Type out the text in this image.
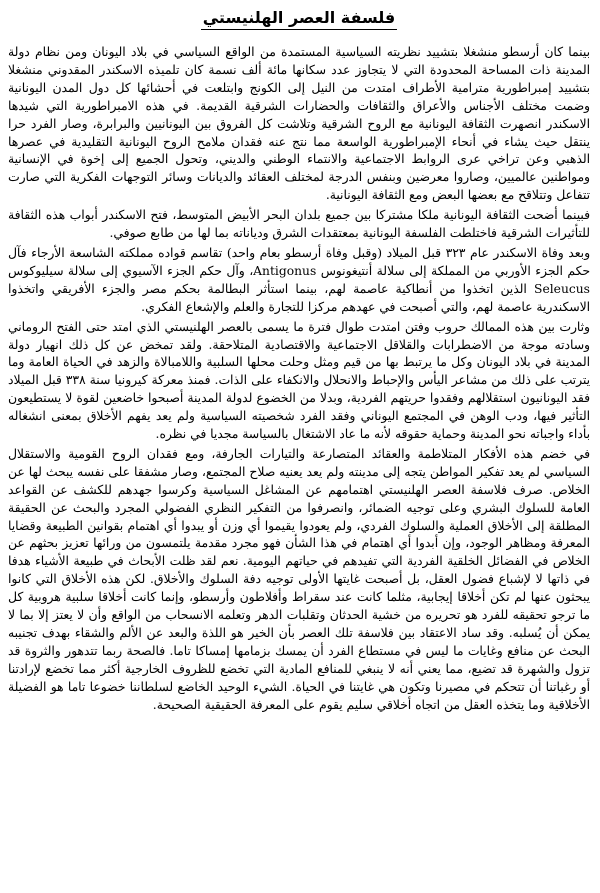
فلسفة العصر الهلنيستي

بينما كان أرسطو منشغلا بتشييد نظريته السياسية المستمدة من الواقع السياسي في بلاد اليونان ومن نظام دولة المدينة ذات المساحة المحدودة التي لا يتجاوز عدد سكانها مائة ألف نسمة كان تلميذه الاسكندر المقدوني منشغلا بتشييد إمبراطورية مترامية الأطراف امتدت من النيل إلى الكونج وابتلعت في أحشائها كل دول المدن اليونانية وضمت مختلف الأجناس والأعراق والثقافات والحضارات الشرقية القديمة. في هذه الامبراطورية التي شيدها الاسكندر انصهرت الثقافة اليونانية مع الروح الشرقية وتلاشت كل الفروق بين اليونانيين والبرابرة، وصار الفرد حرا ينتقل حيث يشاء في أنحاء الإمبراطورية الواسعة مما نتج عنه فقدان ملامح الروح اليونانية التقليدية في عصرها الذهبي وعن تراخي عرى الروابط الاجتماعية والانتماء الوطني والديني، وتحول الجميع إلى إخوة في الإنسانية ومواطنين عالميين، وصاروا معرضين وبنفس الدرجة لمختلف العقائد والديانات وسائر التوجهات الفكرية التي صارت تتفاعل وتتلاقح مع بعضها البعض ومع الثقافة اليونانية.

فبينما أضحت الثقافة اليونانية ملكا مشتركا بين جميع بلدان البحر الأبيض المتوسط، فتح الاسكندر أبواب هذه الثقافة للتأثيرات الشرقية فاختلطت الفلسفة اليونانية بمعتقدات الشرق ودياناته بما لها من طابع صوفي.

وبعد وفاة الاسكندر عام ٣٢٣ قبل الميلاد (وقبل وفاة أرسطو بعام واحد) تقاسم قواده مملكته الشاسعة الأرجاء فآل حكم الجزء الأوربي من المملكة إلى سلالة أنتيغونوس Antigonus، وآل حكم الجزء الآسيوي إلى سلالة سيليوكوس Seleucus الذين اتخذوا من أنطاكية عاصمة لهم، بينما استأثر البطالمة بحكم مصر والجزء الأفريقي واتخذوا الاسكندرية عاصمة لهم، والتي أصبحت في عهدهم مركزا للتجارة والعلم والإشعاع الفكري.

وثارت بين هذه الممالك حروب وفتن امتدت طوال فترة ما يسمى بالعصر الهلنيستي الذي امتد حتى الفتح الروماني وسادته موجة من الاضطرابات والقلاقل الاجتماعية والاقتصادية المتلاحقة. ولقد تمخض عن كل ذلك انهيار دولة المدينة في بلاد اليونان وكل ما يرتبط بها من قيم ومثل وحلت محلها السلبية واللامبالاة والزهد في الحياة العامة وما يترتب على ذلك من مشاعر اليأس والإحباط والانحلال والانكفاء على الذات. فمنذ معركة كيرونيا سنة ٣٣٨ قبل الميلاد فقد اليونانيون استقلالهم وفقدوا حريتهم الفردية، وبدلا من الخضوع لدولة المدينة أصبحوا خاضعين لقوة لا يستطيعون التأثير فيها، ودب الوهن في المجتمع اليوناني وفقد الفرد شخصيته السياسية ولم يعد يفهم الأخلاق بمعنى انشغاله بأداء واجباته نحو المدينة وحماية حقوقه لأنه ما عاد الاشتغال بالسياسة مجديا في نظره.

في خضم هذه الأفكار المتلاطمة والعقائد المتصارعة والتيارات الجارفة، ومع فقدان الروح القومية والاستقلال السياسي لم يعد تفكير المواطن يتجه إلى مدينته ولم يعد يعنيه صلاح المجتمع، وصار مشفقا على نفسه يبحث لها عن الخلاص. صرف فلاسفة العصر الهلنيستي اهتمامهم عن المشاغل السياسية وكرسوا جهدهم للكشف عن القواعد العامة للسلوك البشري وعلى توجيه الضمائر، وانصرفوا من التفكير النظري الفضولي المجرد والبحث عن الحقيقة المطلقة إلى الأخلاق العملية والسلوك الفردي، ولم يعودوا يقيموا أي وزن أو يبدوا أي اهتمام بقوانين الطبيعة وقضايا المعرفة ومظاهر الوجود، وإن أبدوا أي اهتمام في هذا الشأن فهو مجرد مقدمة يلتمسون من ورائها تعزيز بحثهم عن الخلاص في الفضائل الخلقية الفردية التي تفيدهم في حياتهم اليومية. نعم لقد ظلت الأبحاث في طبيعة الأشياء هدفا في ذاتها لا لإشباع فضول العقل، بل أصبحت غايتها الأولى توجيه دفة السلوك والأخلاق. لكن هذه الأخلاق التي كانوا يبحثون عنها لم تكن أخلاقا إيجابية، مثلما كانت عند سقراط وأفلاطون وأرسطو، وإنما كانت أخلاقا سلبية هروبية كل ما ترجو تحقيقه للفرد هو تحريره من خشية الحدثان وتقلبات الدهر وتعلمه الانسحاب من الواقع وأن لا يعتز إلا بما لا يمكن أن يُسلبه. وقد ساد الاعتقاد بين فلاسفة تلك العصر بأن الخير هو اللذة والبعد عن الألم والشقاء بهدف تجنيبه البحث عن منافع وغايات ما ليس في مستطاع الفرد أن يمسك بزمامها إمساكا تاما. فالصحة ربما تتدهور والثروة قد تزول والشهرة قد تضيع، مما يعني أنه لا ينبغي للمنافع المادية التي تخضع للظروف الخارجية أكثر مما تخضع لإرادتنا أو رغباتنا أن تتحكم في مصيرنا وتكون هي غايتنا في الحياة. الشيء الوحيد الخاضع لسلطاننا خضوعا تاما هو الفضيلة الأخلاقية وما يتخذه العقل من اتجاه أخلاقي سليم يقوم على المعرفة الحقيقية الصحيحة.
